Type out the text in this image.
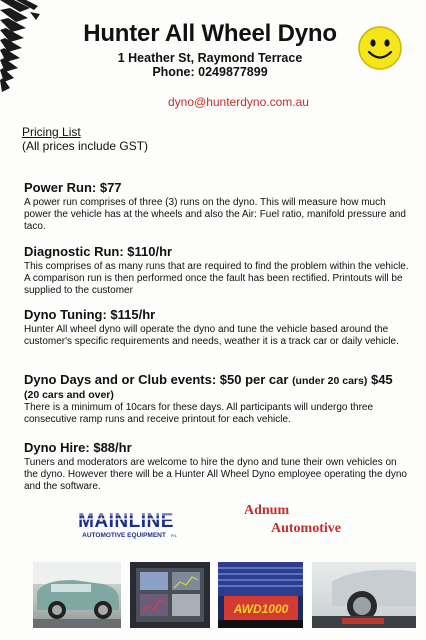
Hunter All Wheel Dyno
1 Heather St, Raymond Terrace
Phone: 0249877899
dyno@hunterdyno.com.au
Pricing List
(All prices include GST)
Power Run: $77
A power run comprises of three (3) runs on the dyno. This will measure how much power the vehicle has at the wheels and also the Air: Fuel ratio, manifold pressure and taco.
Diagnostic Run: $110/hr
This comprises of as many runs that are required to find the problem within the vehicle. A comparison run is then performed once the fault has been rectified. Printouts will be supplied to the customer
Dyno Tuning: $115/hr
Hunter All wheel dyno will operate the dyno and tune the vehicle based around the customer's specific requirements and needs, weather it is a track car or daily vehicle.
Dyno Days and or Club events: $50 per car (under 20 cars) $45
(20 cars and over)
There is a minimum of 10cars for these days. All participants will undergo three consecutive ramp runs and receive printout for each vehicle.
Dyno Hire: $88/hr
Tuners and moderators are welcome to hire the dyno and tune their own vehicles on the dyno. However there will be a Hunter All Wheel Dyno employee operating the dyno and the software.
MAINLINE
AUTOMOTIVE EQUIPMENT P/L
Adnum
Automotive
AWD1000
